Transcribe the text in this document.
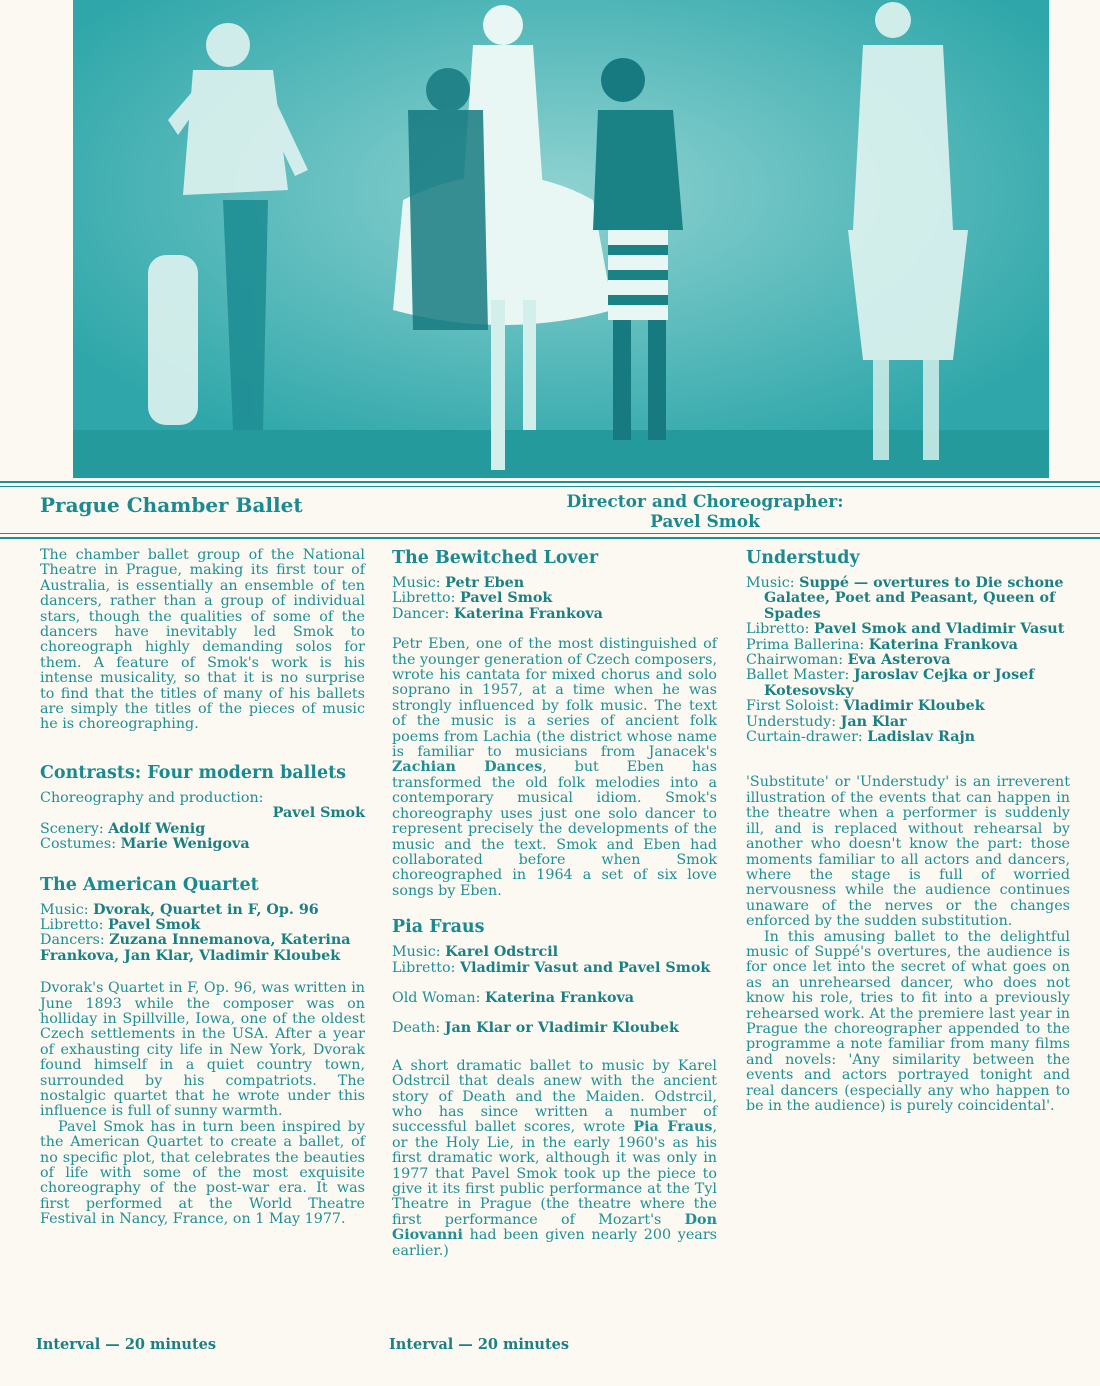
Prague Chamber Ballet	Director and Choreographer:
Pavel Smok

The chamber ballet group of the National Theatre in Prague, making its first tour of Australia, is essentially an ensemble of ten dancers, rather than a group of individual stars, though the qualities of some of the dancers have inevitably led Smok to choreograph highly demanding solos for them. A feature of Smok's work is his intense musicality, so that it is no surprise to find that the titles of many of his ballets are simply the titles of the pieces of music he is choreographing.

Contrasts: Four modern ballets

Choreography and production:

Pavel Smok

Scenery: Adolf Wenig

Costumes: Marie Wenigova

The American Quartet

Music: Dvorak, Quartet in F, Op. 96

Libretto: Pavel Smok

Dancers: Zuzana Innemanova, Katerina Frankova, Jan Klar, Vladimir Kloubek

Dvorak's Quartet in F, Op. 96, was written in June 1893 while the composer was on holliday in Spillville, Iowa, one of the oldest Czech settlements in the USA. After a year of exhausting city life in New York, Dvorak found himself in a quiet country town, surrounded by his compatriots. The nostalgic quartet that he wrote under this influence is full of sunny warmth.

Pavel Smok has in turn been inspired by the American Quartet to create a ballet, of no specific plot, that celebrates the beauties of life with some of the most exquisite choreography of the post-war era. It was first performed at the World Theatre Festival in Nancy, France, on 1 May 1977.

Interval — 20 minutes
The Bewitched Lover

Music: Petr Eben

Libretto: Pavel Smok

Dancer: Katerina Frankova

Petr Eben, one of the most distinguished of the younger generation of Czech composers, wrote his cantata for mixed chorus and solo soprano in 1957, at a time when he was strongly influenced by folk music. The text of the music is a series of ancient folk poems from Lachia (the district whose name is familiar to musicians from Janacek's Zachian Dances, but Eben has transformed the old folk melodies into a contemporary musical idiom. Smok's choreography uses just one solo dancer to represent precisely the developments of the music and the text. Smok and Eben had collaborated before when Smok choreographed in 1964 a set of six love songs by Eben.

Pia Fraus

Music: Karel Odstrcil

Libretto: Vladimir Vasut and Pavel Smok

Old Woman: Katerina Frankova

Death: Jan Klar or Vladimir Kloubek

A short dramatic ballet to music by Karel Odstrcil that deals anew with the ancient story of Death and the Maiden. Odstrcil, who has since written a number of successful ballet scores, wrote Pia Fraus, or the Holy Lie, in the early 1960's as his first dramatic work, although it was only in 1977 that Pavel Smok took up the piece to give it its first public performance at the Tyl Theatre in Prague (the theatre where the first performance of Mozart's Don Giovanni had been given nearly 200 years earlier.)

Interval — 20 minutes
Understudy

Music: Suppé — overtures to Die schone Galatee, Poet and Peasant, Queen of Spades

Libretto: Pavel Smok and Vladimir Vasut

Prima Ballerina: Katerina Frankova

Chairwoman: Eva Asterova

Ballet Master: Jaroslav Cejka or Josef Kotesovsky

First Soloist: Vladimir Kloubek

Understudy: Jan Klar

Curtain-drawer: Ladislav Rajn

'Substitute' or 'Understudy' is an irreverent illustration of the events that can happen in the theatre when a performer is suddenly ill, and is replaced without rehearsal by another who doesn't know the part: those moments familiar to all actors and dancers, where the stage is full of worried nervousness while the audience continues unaware of the nerves or the changes enforced by the sudden substitution.

In this amusing ballet to the delightful music of Suppé's overtures, the audience is for once let into the secret of what goes on as an unrehearsed dancer, who does not know his role, tries to fit into a previously rehearsed work. At the premiere last year in Prague the choreographer appended to the programme a note familiar from many films and novels: 'Any similarity between the events and actors portrayed tonight and real dancers (especially any who happen to be in the audience) is purely coincidental'.
